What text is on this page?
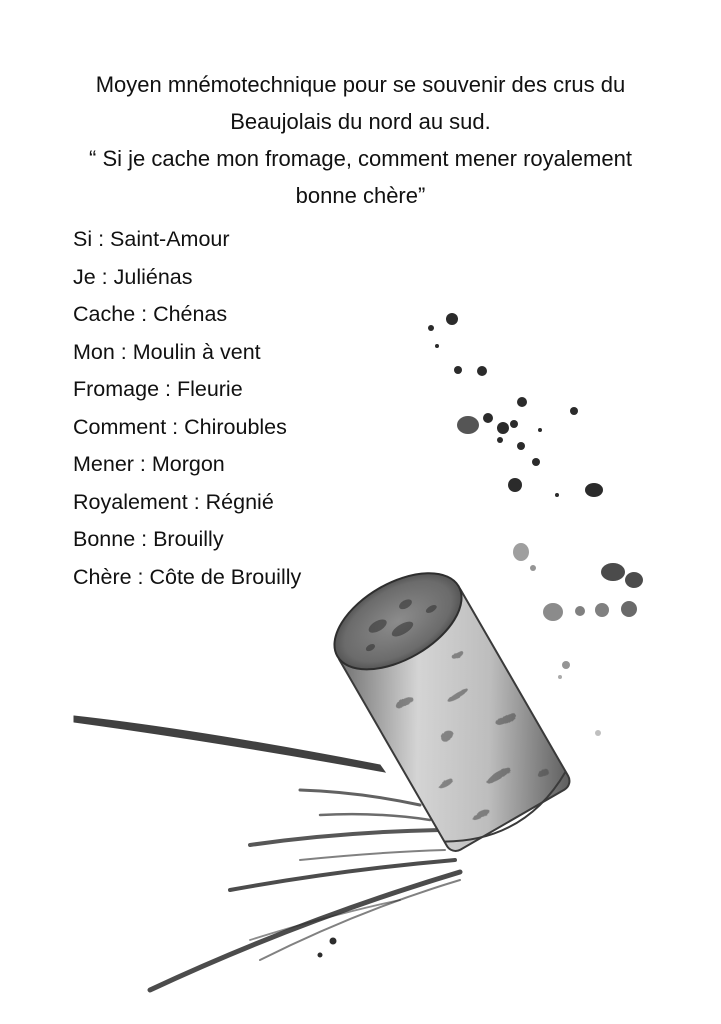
Moyen mnémotechnique pour se souvenir des crus du
Beaujolais du nord au sud.
“ Si je cache mon fromage, comment mener royalement
bonne chère”
Si : Saint-Amour
Je : Juliénas
Cache : Chénas
Mon : Moulin à vent
Fromage : Fleurie
Comment : Chiroubles
Mener : Morgon
Royalement : Régnié
Bonne : Brouilly
Chère : Côte de Brouilly
